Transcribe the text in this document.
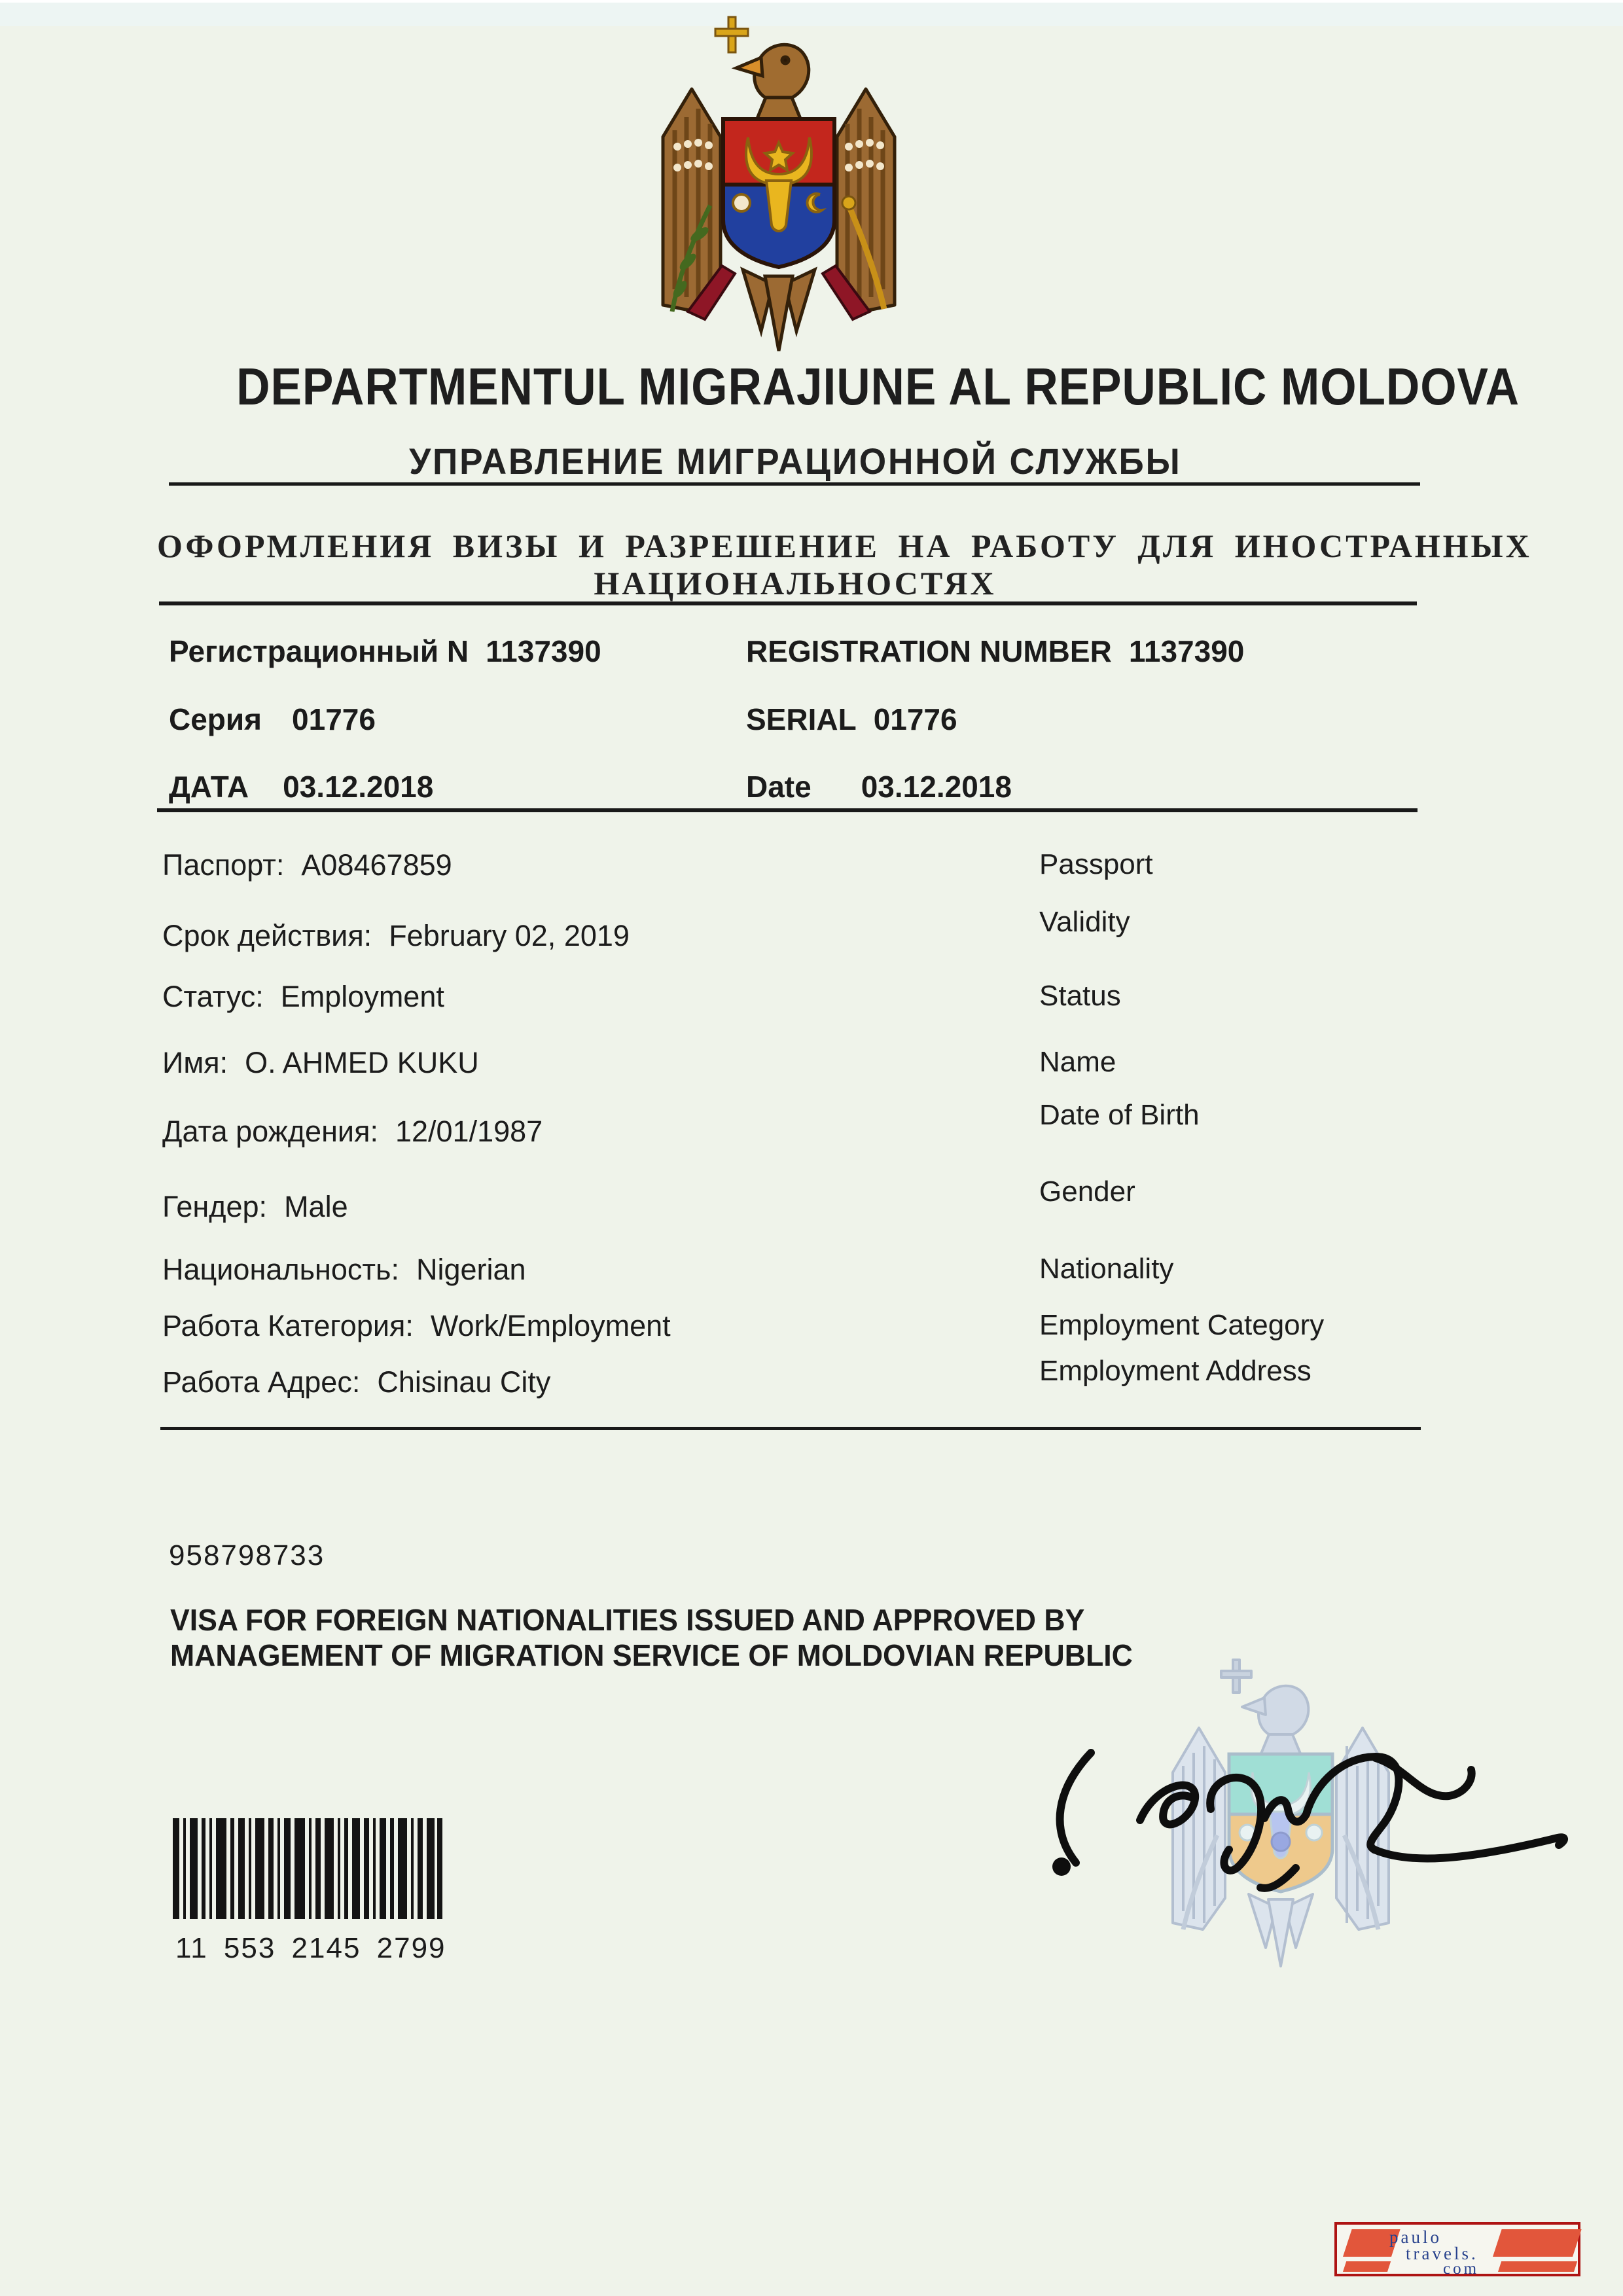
DEPARTMENTUL MIGRAJIUNE AL REPUBLIC MOLDOVA
УПРАВЛЕНИЕ МИГРАЦИОННОЙ СЛУЖБЫ
ОФОРМЛЕНИЯ ВИЗЫ И РАЗРЕШЕНИЕ НА РАБОТУ ДЛЯ ИНОСТРАННЫХ
НАЦИОНАЛЬНОСТЯХ
Регистрационный N 1137390	REGISTRATION NUMBER 1137390
Серия 01776	SERIAL 01776
ДАТА 03.12.2018	Date 03.12.2018
Паспорт: A08467859	Passport
Срок действия: February 02, 2019	Validity
Статус: Employment	Status
Имя: O. AHMED KUKU	Name
Дата рождения: 12/01/1987	Date of Birth
Гендер: Male	Gender
Национальность: Nigerian	Nationality
Работа Категория: Work/Employment	Employment Category
Работа Адрес: Chisinau City	Employment Address
958798733
VISA FOR FOREIGN NATIONALITIES ISSUED AND APPROVED BY
MANAGEMENT OF MIGRATION SERVICE OF MOLDOVIAN REPUBLIC
11 553 2145 2799
paulo
travels.
com
